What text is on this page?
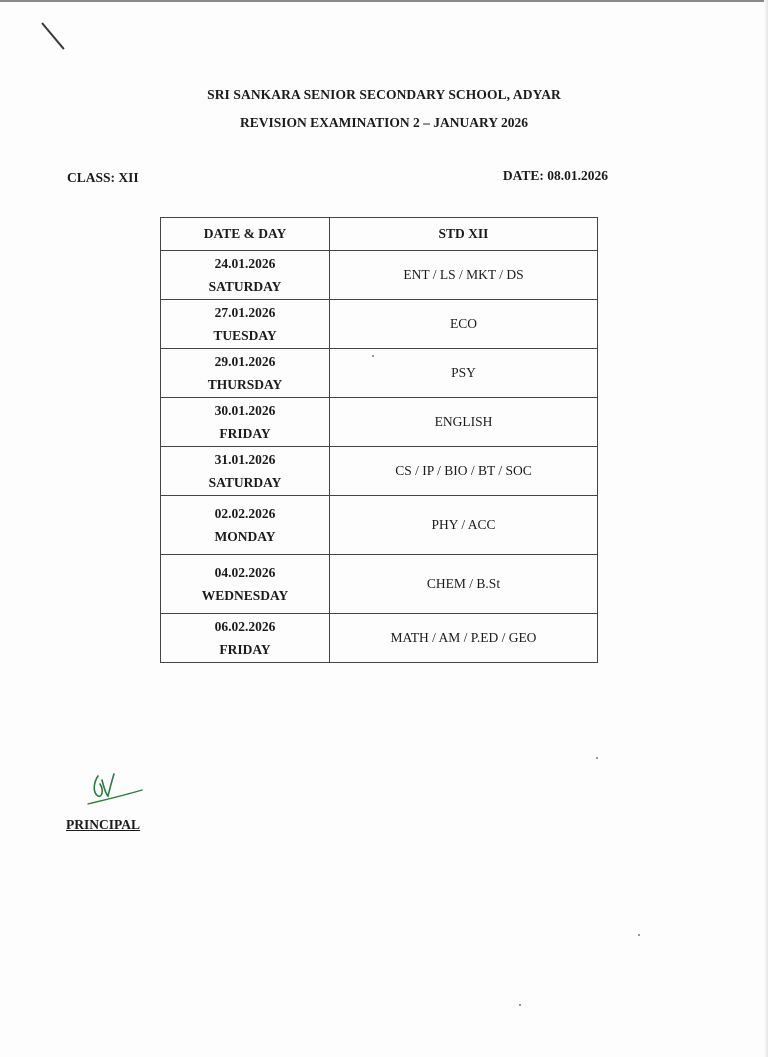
SRI SANKARA SENIOR SECONDARY SCHOOL, ADYAR
REVISION EXAMINATION 2 – JANUARY 2026
CLASS: XII	DATE: 08.01.2026
DATE & DAY	STD XII

24.01.2026
SATURDAY	ENT / LS / MKT / DS

27.01.2026
TUESDAY	ECO

29.01.2026
THURSDAY	PSY

30.01.2026
FRIDAY	ENGLISH

31.01.2026
SATURDAY	CS / IP / BIO / BT / SOC

02.02.2026
MONDAY	PHY / ACC

04.02.2026
WEDNESDAY	CHEM / B.St

06.02.2026
FRIDAY	MATH / AM / P.ED / GEO
PRINCIPAL
